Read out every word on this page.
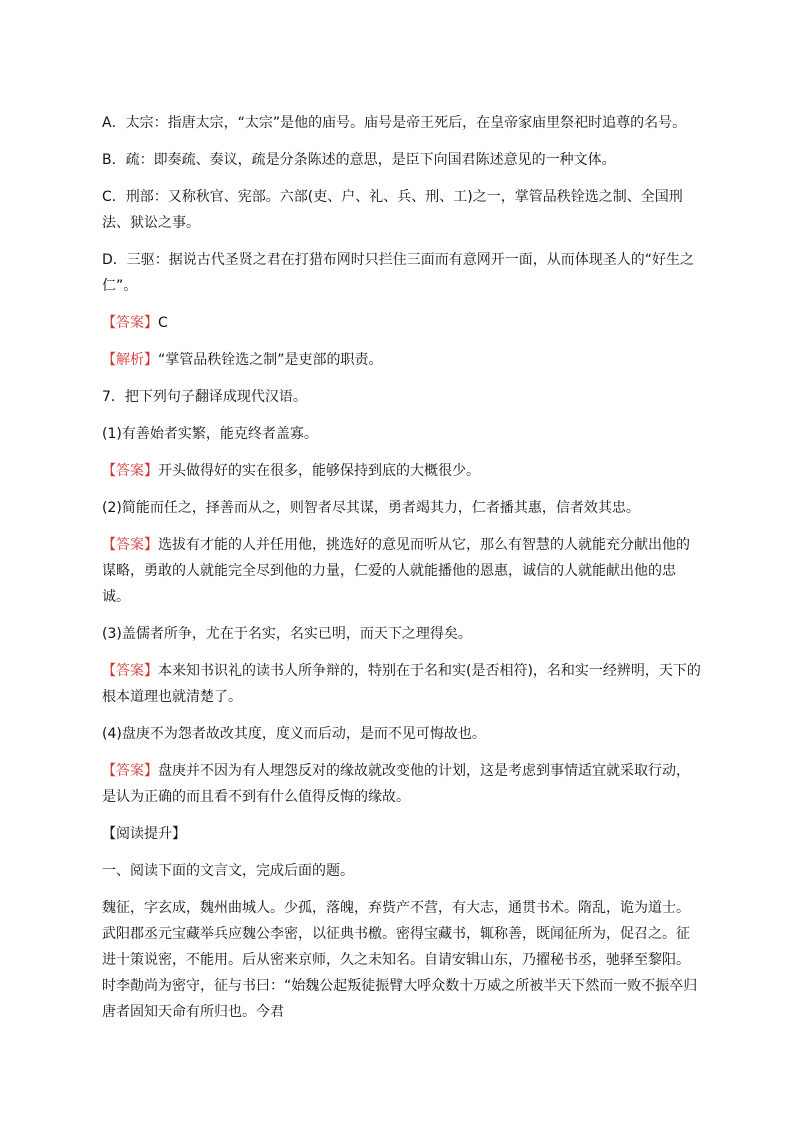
A．太宗：指唐太宗，“太宗”是他的庙号。庙号是帝王死后，在皇帝家庙里祭祀时追尊的名号。

B．疏：即奏疏、奏议，疏是分条陈述的意思，是臣下向国君陈述意见的一种文体。

C．刑部：又称秋官、宪部。六部(吏、户、礼、兵、刑、工)之一，掌管品秩铨选之制、全国刑法、狱讼之事。

D．三驱：据说古代圣贤之君在打猎布网时只拦住三面而有意网开一面，从而体现圣人的“好生之仁”。

【答案】C

【解析】“掌管品秩铨选之制”是吏部的职责。

7．把下列句子翻译成现代汉语。

(1)有善始者实繁，能克终者盖寡。

【答案】开头做得好的实在很多，能够保持到底的大概很少。

(2)简能而任之，择善而从之，则智者尽其谋，勇者竭其力，仁者播其惠，信者效其忠。

【答案】选拔有才能的人并任用他，挑选好的意见而听从它，那么有智慧的人就能充分献出他的谋略，勇敢的人就能完全尽到他的力量，仁爱的人就能播他的恩惠，诚信的人就能献出他的忠诚。

(3)盖儒者所争，尤在于名实，名实已明，而天下之理得矣。

【答案】本来知书识礼的读书人所争辩的，特别在于名和实(是否相符)，名和实一经辨明，天下的根本道理也就清楚了。

(4)盘庚不为怨者故改其度，度义而后动，是而不见可悔故也。

【答案】盘庚并不因为有人埋怨反对的缘故就改变他的计划，这是考虑到事情适宜就采取行动，是认为正确的而且看不到有什么值得反悔的缘故。

【阅读提升】

一、阅读下面的文言文，完成后面的题。

魏征，字玄成，魏州曲城人。少孤，落魄，弃赀产不营，有大志，通贯书术。隋乱，诡为道士。武阳郡丞元宝藏举兵应魏公李密，以征典书檄。密得宝藏书，辄称善，既闻征所为，促召之。征进十策说密，不能用。后从密来京师，久之未知名。自请安辑山东，乃擢秘书丞，驰驿至黎阳。时李勣尚为密守，征与书曰：“始魏公起叛徒振臂大呼众数十万威之所被半天下然而一败不振卒归唐者固知天命有所归也。今君
